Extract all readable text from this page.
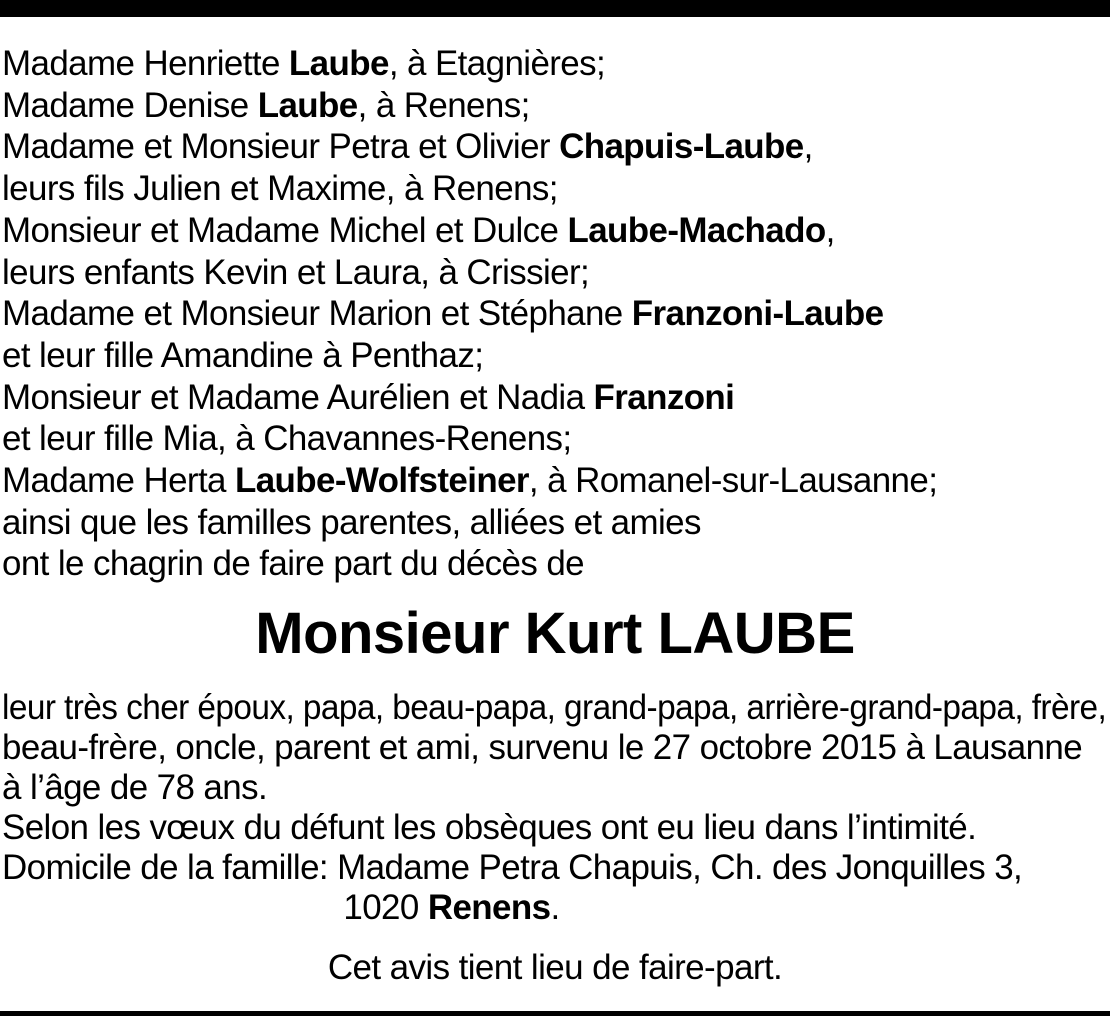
Madame Henriette Laube, à Etagnières;
Madame Denise Laube, à Renens;
Madame et Monsieur Petra et Olivier Chapuis-Laube,
leurs fils Julien et Maxime, à Renens;
Monsieur et Madame Michel et Dulce Laube-Machado,
leurs enfants Kevin et Laura, à Crissier;
Madame et Monsieur Marion et Stéphane Franzoni-Laube
et leur fille Amandine à Penthaz;
Monsieur et Madame Aurélien et Nadia Franzoni
et leur fille Mia, à Chavannes-Renens;
Madame Herta Laube-Wolfsteiner, à Romanel-sur-Lausanne;
ainsi que les familles parentes, alliées et amies
ont le chagrin de faire part du décès de
Monsieur Kurt LAUBE
leur très cher époux, papa, beau-papa, grand-papa, arrière-grand-papa, frère,
beau-frère, oncle, parent et ami, survenu le 27 octobre 2015 à Lausanne
à l’âge de 78 ans.
Selon les vœux du défunt les obsèques ont eu lieu dans l’intimité.
Domicile de la famille: Madame Petra Chapuis, Ch. des Jonquilles 3,
1020 Renens.
Cet avis tient lieu de faire-part.
